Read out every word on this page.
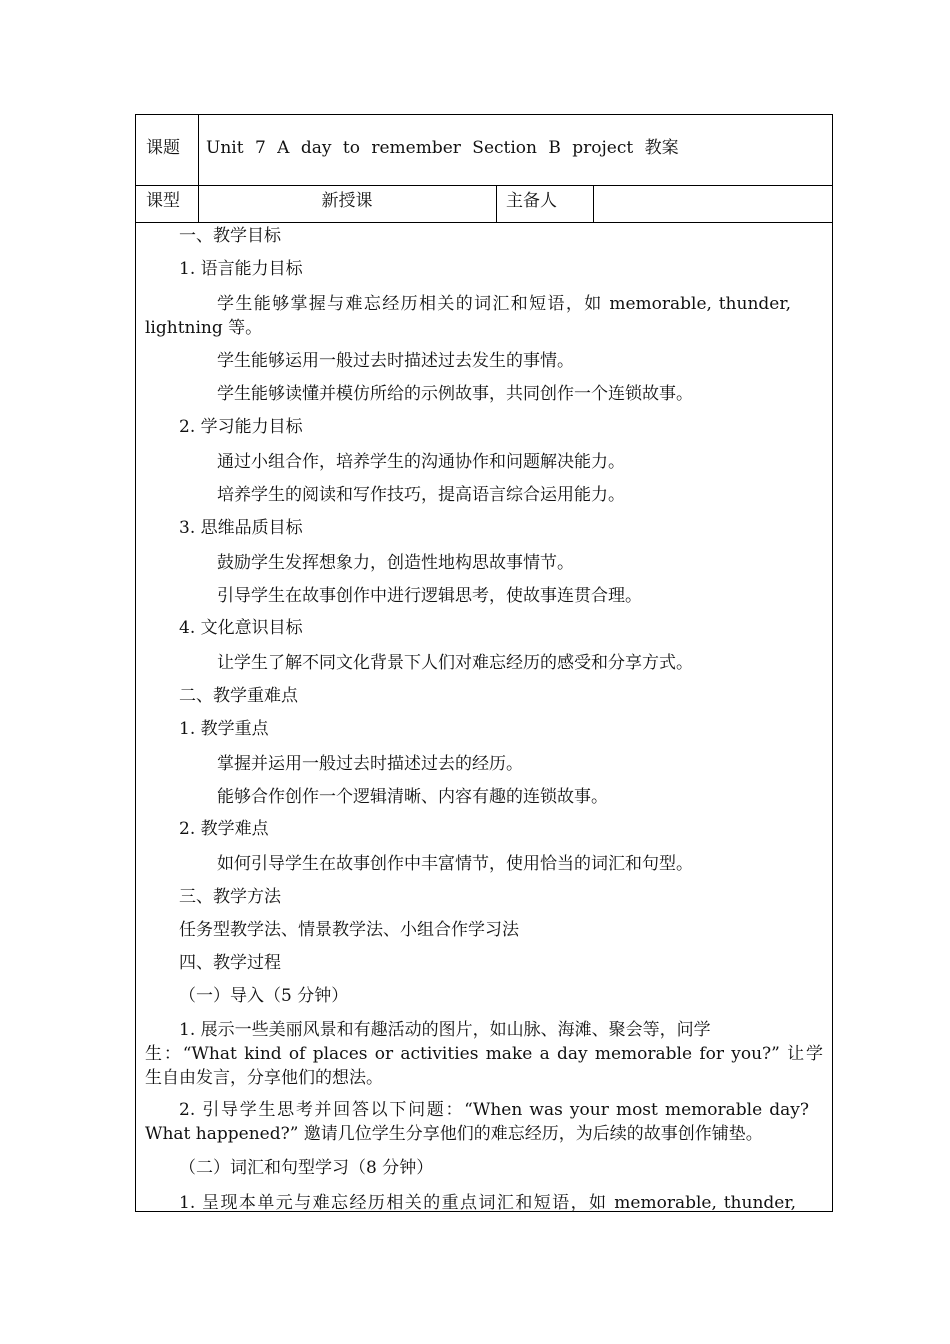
课题 Unit 7 A day to remember Section B project 教案
课型	新授课	主备人
一、教学目标
1. 语言能力目标
学生能够掌握与难忘经历相关的词汇和短语，如 memorable, thunder,
lightning 等。
学生能够运用一般过去时描述过去发生的事情。
学生能够读懂并模仿所给的示例故事，共同创作一个连锁故事。
2. 学习能力目标
通过小组合作，培养学生的沟通协作和问题解决能力。
培养学生的阅读和写作技巧，提高语言综合运用能力。
3. 思维品质目标
鼓励学生发挥想象力，创造性地构思故事情节。
引导学生在故事创作中进行逻辑思考，使故事连贯合理。
4. 文化意识目标
让学生了解不同文化背景下人们对难忘经历的感受和分享方式。
二、教学重难点
1. 教学重点
掌握并运用一般过去时描述过去的经历。
能够合作创作一个逻辑清晰、内容有趣的连锁故事。
2. 教学难点
如何引导学生在故事创作中丰富情节，使用恰当的词汇和句型。
三、教学方法
任务型教学法、情景教学法、小组合作学习法
四、教学过程
（一）导入（5 分钟）
1. 展示一些美丽风景和有趣活动的图片，如山脉、海滩、聚会等，问学
生：“What kind of places or activities make a day memorable for you?” 让学
生自由发言，分享他们的想法。
2. 引导学生思考并回答以下问题：“When was your most memorable day?
What happened?” 邀请几位学生分享他们的难忘经历，为后续的故事创作铺垫。
（二）词汇和句型学习（8 分钟）
1. 呈现本单元与难忘经历相关的重点词汇和短语，如 memorable, thunder,
